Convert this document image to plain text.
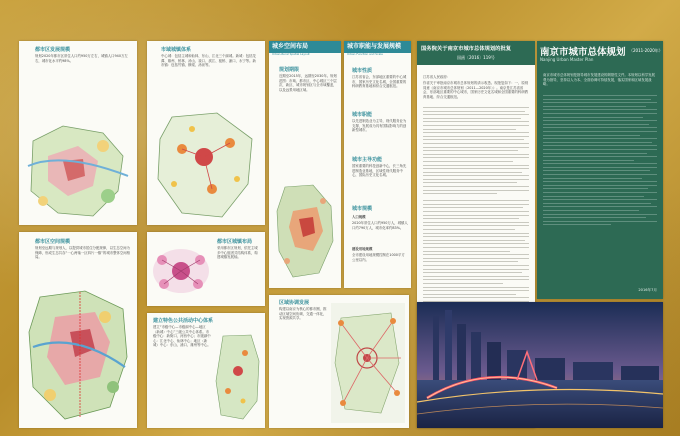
都市区发展规模
规划2020年都市区常住人口约950万左右，城镇人口940万左右，城市化水平约98%。
都市区空间规模
规划至远期与规划人，以提供城市居住分配规律，以生态空间为保障，形成生态共存“一心两轴一区四片一镇”的城市整体空间格局。
市域城镇体系
中心城：包括主城和仙林、东山、江北三个副城。新城：包括龙潭、雄州、桥林、汤山、禄口、滨江、板桥、浦口、永宁等。新市镇：包括竹镇、横梁、汤泉等。
都市区城镇布局
采用都市区规划，依托主城多中心组团式结构体系，构建城镇发展轴。
建立特色公共活动中心体系
建立“市级中心—市级副中心—地区（新城）中心”三级公共中心体系。市级中心：新街口、河西中心；市级副中心：江北中心、仙林中心；地区（新城）中心：东山、浦口、雄州等中心。
城乡空间布局
Urban-Rural Spatial Layout
规划期限
近期至2015年，远期至2030年。规划范围：市域、都市区、中心城区三个层次，新区、城市规划区与全市域覆盖，以及远景用地区域。
区域协调发展
构建以南京为核心的都市圈，推动区域空间协调，交通一体化，实现资源共享。
城市职能与发展规模
Urban Function and Scale
城市性质
江苏省省会，东部地区重要的中心城市，国家历史文化名城，全国重要的科研教育基地和综合交通枢纽。
城市职能
以先进制造业为主导，现代服务业为支撑，发展成为具有国际影响力的创新型城市。
城市主导功能
国家重要的科技创新中心，长三角先进制造业基地，区域性现代服务中心，国际历史文化名城。
城市规模
人口规模
2020年常住人口约950万人，城镇人口约790万人，城市化率约83%。
建设用地规模
全市建设用地规模控制在1000平方公里以内。
国务院关于南京市城市总体规划的批复
国函〔2016〕119号
江苏省人民政府：
你省关于审批南京市城市总体规划的请示收悉。现批复如下：一、原则同意《南京市城市总体规划（2011—2020年）》。南京是江苏省省会，东部地区重要的中心城市，国家历史文化名城和全国重要的科研教育基地、综合交通枢纽。
南京市城市总体规划 （2011-2020年）
Nanjing Urban Master Plan
南京市城市总体规划是指导城市发展建设的纲领性文件。本规划以科学发展观为指导，坚持以人为本、全面协调可持续发展，落实国家和区域发展战略。
2016年7月
